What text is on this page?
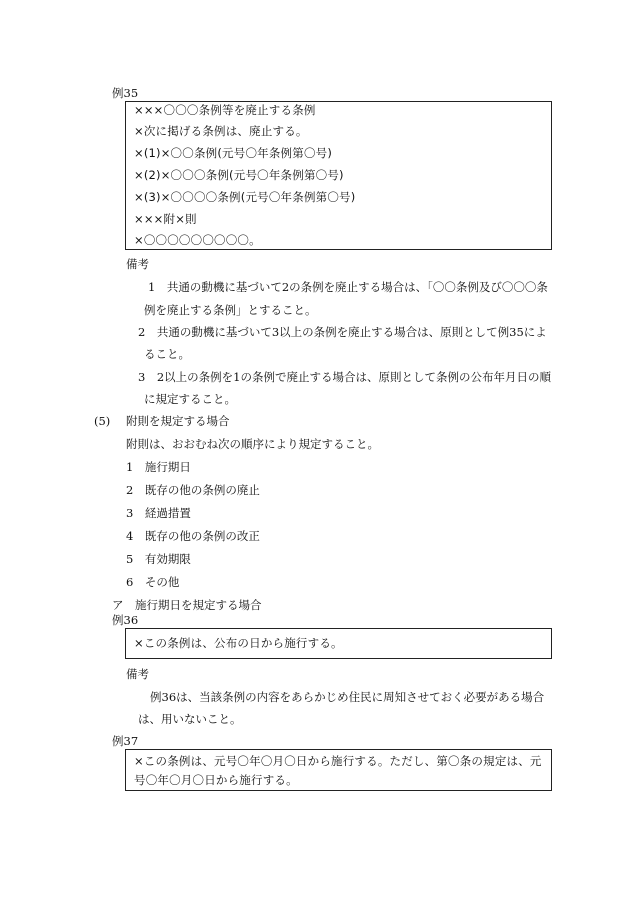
例35
×××〇〇〇条例等を廃止する条例
×次に掲げる条例は、廃止する。
×(1)×〇〇条例(元号〇年条例第〇号)
×(2)×〇〇〇条例(元号〇年条例第〇号)
×(3)×〇〇〇〇条例(元号〇年条例第〇号)
×××附×則
×〇〇〇〇〇〇〇〇〇。
備考
1　共通の動機に基づいて2の条例を廃止する場合は、「〇〇条例及び〇〇〇条
例を廃止する条例」とすること。
2　共通の動機に基づいて3以上の条例を廃止する場合は、原則として例35によ
ること。
3　2以上の条例を1の条例で廃止する場合は、原則として条例の公布年月日の順
に規定すること。
(5) 附則を規定する場合
附則は、おおむね次の順序により規定すること。
1　施行期日
2　既存の他の条例の廃止
3　経過措置
4　既存の他の条例の改正
5　有効期限
6　その他
ア　施行期日を規定する場合
例36
×この条例は、公布の日から施行する。
備考
例36は、当該条例の内容をあらかじめ住民に周知させておく必要がある場合
は、用いないこと。
例37
×この条例は、元号〇年〇月〇日から施行する。ただし、第〇条の規定は、元
号〇年〇月〇日から施行する。
